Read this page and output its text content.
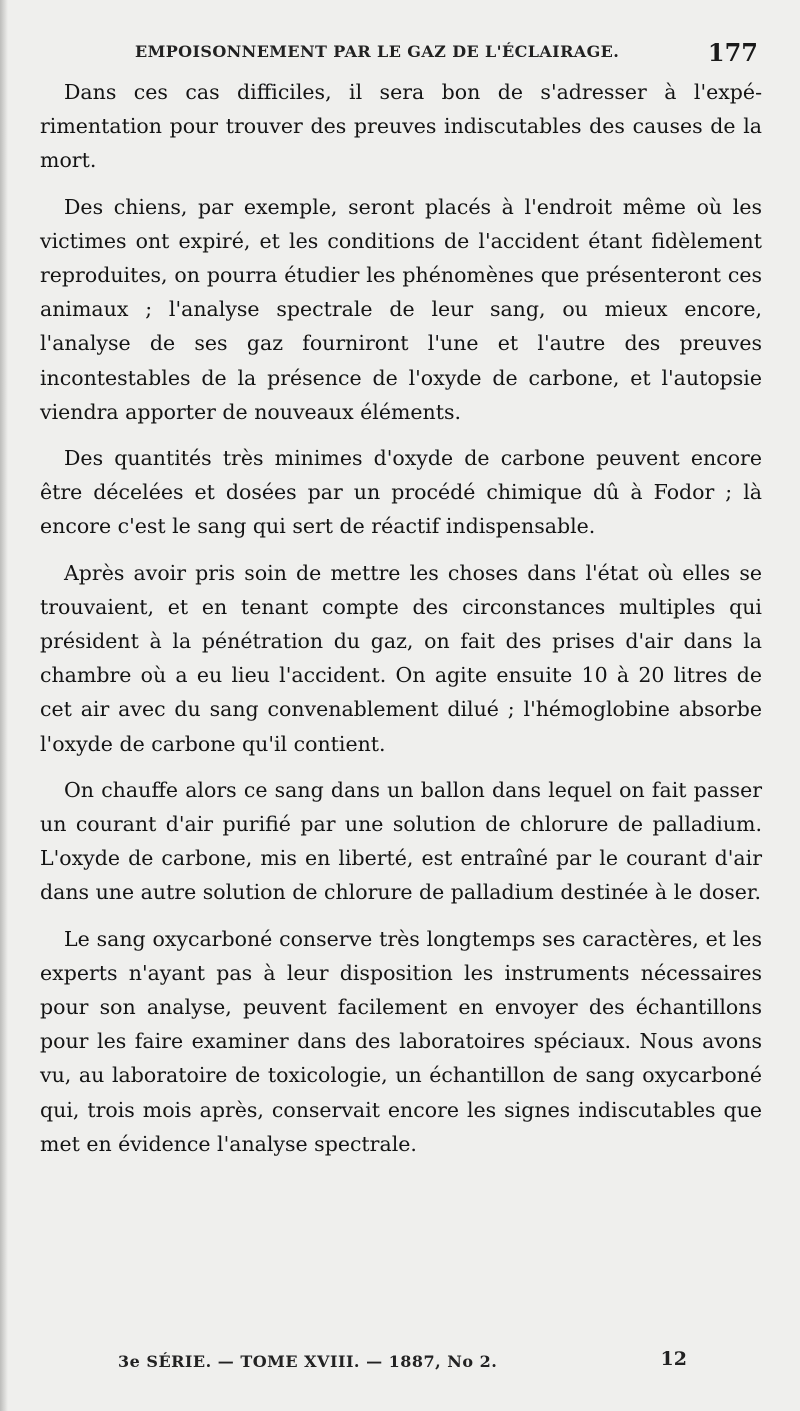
EMPOISONNEMENT PAR LE GAZ DE L'ÉCLAIRAGE.	177

Dans ces cas difficiles, il sera bon de s'adresser à l'expérimentation pour trouver des preuves indiscutables des causes de la mort.

Des chiens, par exemple, seront placés à l'endroit même où les victimes ont expiré, et les conditions de l'accident étant fidèlement reproduites, on pourra étudier les phénomènes que présenteront ces animaux ; l'analyse spectrale de leur sang, ou mieux encore, l'analyse de ses gaz fourniront l'une et l'autre des preuves incontestables de la présence de l'oxyde de carbone, et l'autopsie viendra apporter de nouveaux éléments.

Des quantités très minimes d'oxyde de carbone peuvent encore être décelées et dosées par un procédé chimique dû à Fodor ; là encore c'est le sang qui sert de réactif indispensable.

Après avoir pris soin de mettre les choses dans l'état où elles se trouvaient, et en tenant compte des circonstances multiples qui président à la pénétration du gaz, on fait des prises d'air dans la chambre où a eu lieu l'accident. On agite ensuite 10 à 20 litres de cet air avec du sang convenablement dilué ; l'hémoglobine absorbe l'oxyde de carbone qu'il contient.

On chauffe alors ce sang dans un ballon dans lequel on fait passer un courant d'air purifié par une solution de chlorure de palladium. L'oxyde de carbone, mis en liberté, est entraîné par le courant d'air dans une autre solution de chlorure de palladium destinée à le doser.

Le sang oxycarboné conserve très longtemps ses caractères, et les experts n'ayant pas à leur disposition les instruments nécessaires pour son analyse, peuvent facilement en envoyer des échantillons pour les faire examiner dans des laboratoires spéciaux. Nous avons vu, au laboratoire de toxicologie, un échantillon de sang oxycarboné qui, trois mois après, conservait encore les signes indiscutables que met en évidence l'analyse spectrale.

3e SÉRIE. — TOME XVIII. — 1887, No 2.	12
